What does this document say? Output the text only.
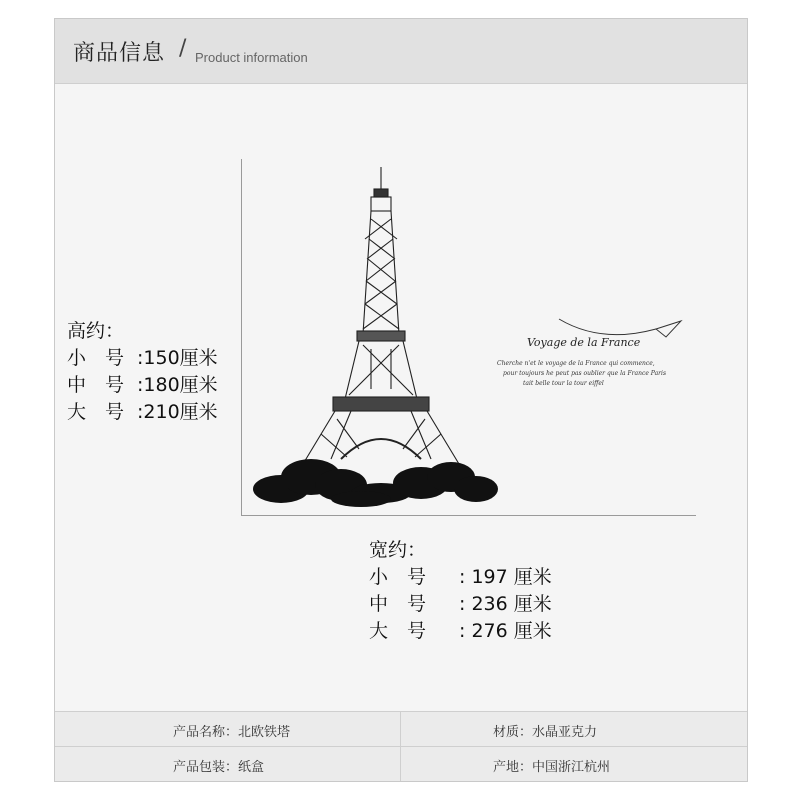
商品信息 / Product information
Voyage de la France
Cherche n'et le voyage de la France qui commence,
pour toujours he peut pas oublier que la France Paris
tait belle tour la tour eiffel
高约：
小　号 :150厘米
中　号 :180厘米
大　号 :210厘米
宽约：
小　号 : 197 厘米
中　号 : 236 厘米
大　号 : 276 厘米
产品名称：北欧铁塔	材质：水晶亚克力
产品包装：纸盒	产地：中国浙江杭州
